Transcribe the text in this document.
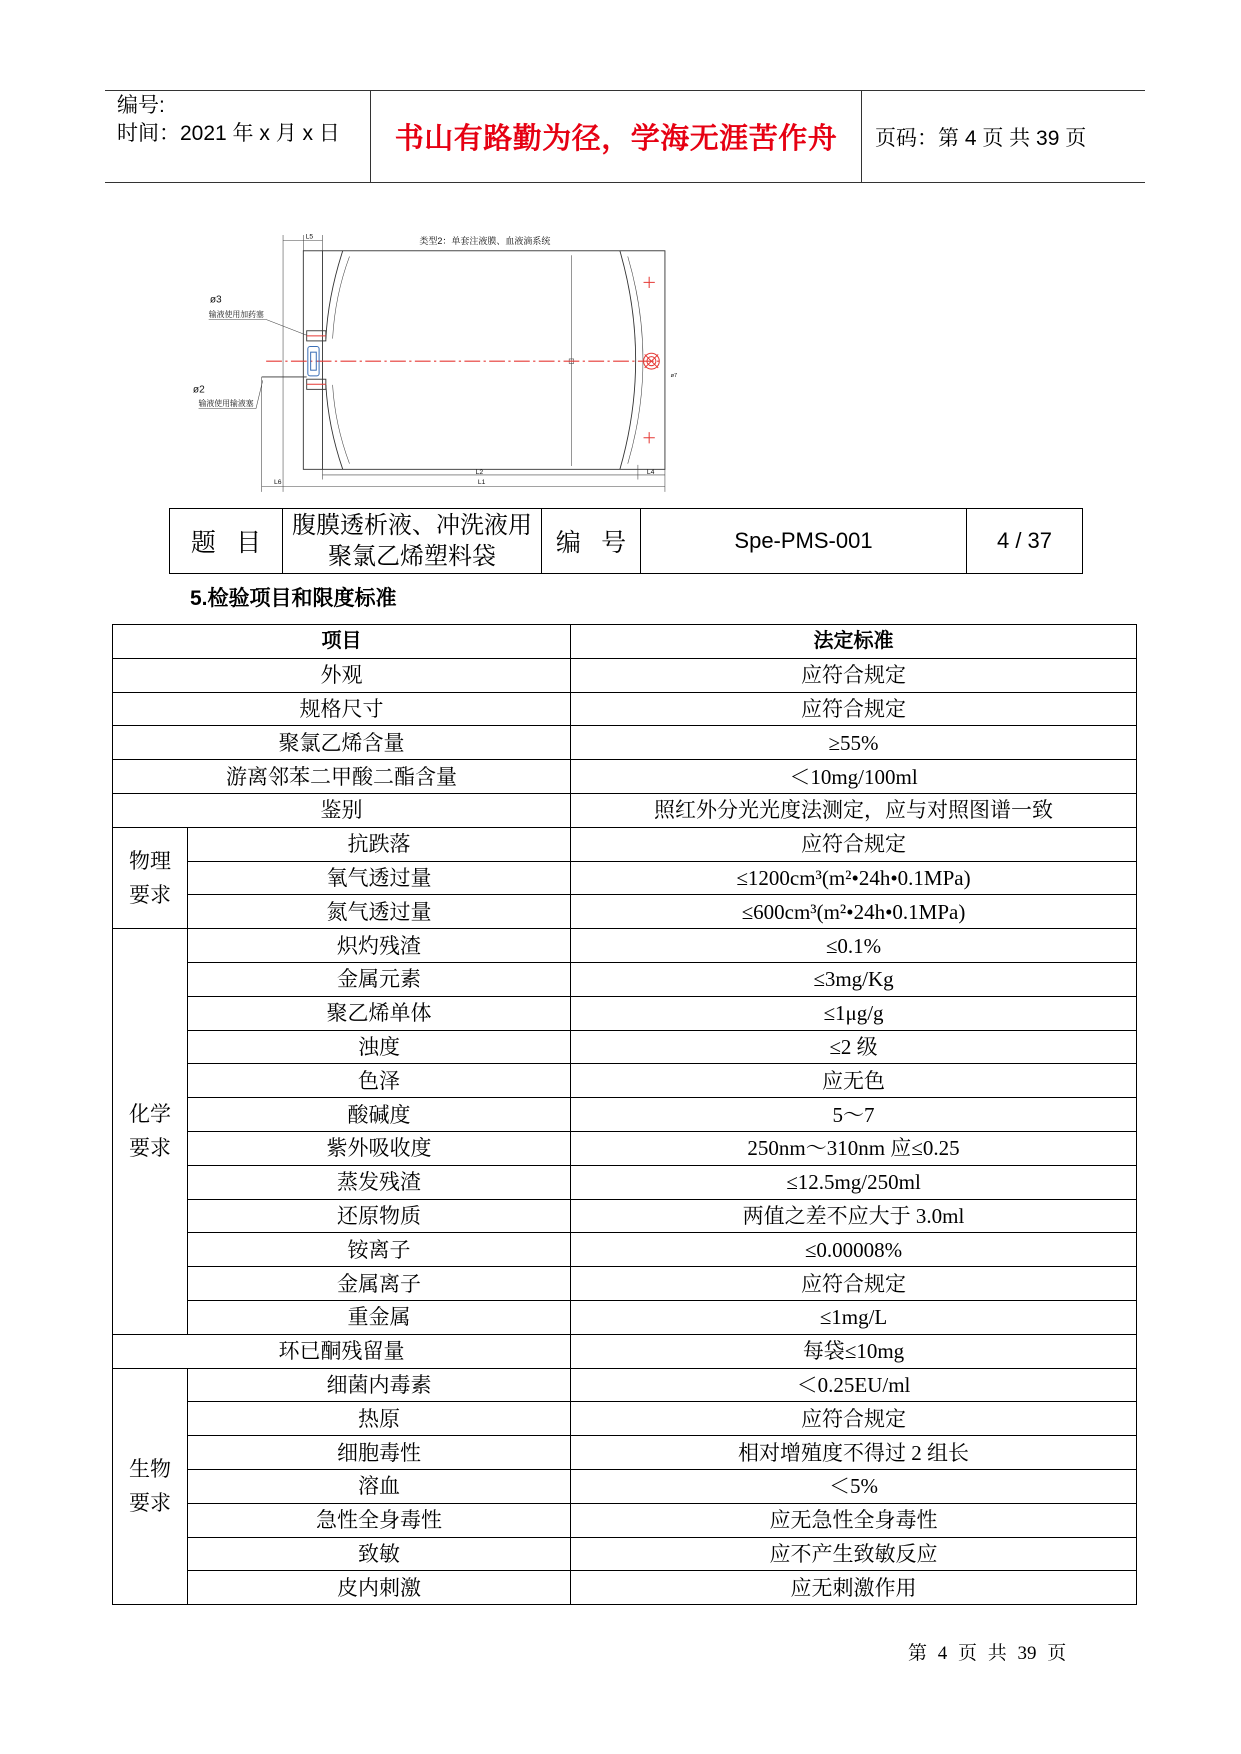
编号:
时间：2021 年 x 月 x 日	书山有路勤为径，学海无涯苦作舟 页码：第 4 页 共 39 页
类型2：单套注液膜、血液滴系统
L5
ø3
输液使用加药塞
ø2
输液使用输液塞
ø7
L2
L1
L6
L4
题 目	
腹膜透析液、冲洗液用
聚氯乙烯塑料袋	编 号	Spe-PMS-001	4 / 37
5.检验项目和限度标准
项目		法定标准
外观		应符合规定
规格尺寸		应符合规定
聚氯乙烯含量		≥55%
游离邻苯二甲酸二酯含量		＜10mg/100ml
鉴别		照红外分光光度法测定，应与对照图谱一致
物理要求	抗跌落	应符合规定
	氧气透过量	≤1200cm³(m²•24h•0.1MPa)
	氮气透过量	≤600cm³(m²•24h•0.1MPa)
化学要求	炽灼残渣	≤0.1%
	金属元素	≤3mg/Kg
	聚乙烯单体	≤1μg/g
	浊度	≤2 级
	色泽	应无色
	酸碱度	5～7
	紫外吸收度	250nm～310nm 应≤0.25
	蒸发残渣	≤12.5mg/250ml
	还原物质	两值之差不应大于 3.0ml
	铵离子	≤0.00008%
	金属离子	应符合规定
	重金属	≤1mg/L
环已酮残留量		每袋≤10mg
生物要求	细菌内毒素	＜0.25EU/ml
	热原	应符合规定
	细胞毒性	相对增殖度不得过 2 组长
	溶血	＜5%
	急性全身毒性	应无急性全身毒性
	致敏	应不产生致敏反应
	皮内刺激	应无刺激作用
第 4 页 共 39 页
